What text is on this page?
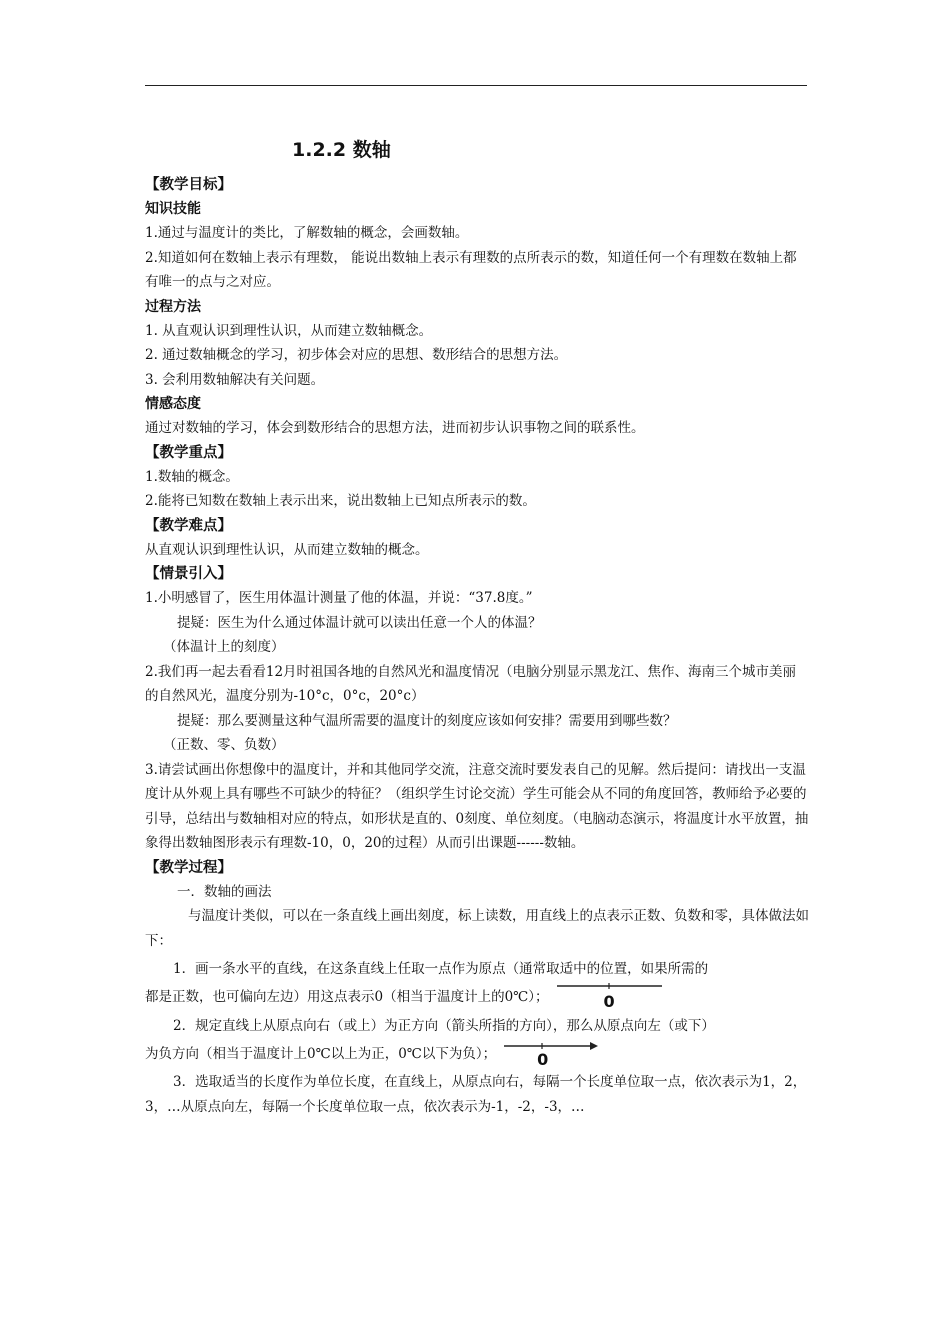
1.2.2 数轴
【教学目标】
知识技能

1.通过与温度计的类比，了解数轴的概念，会画数轴。

2.知道如何在数轴上表示有理数， 能说出数轴上表示有理数的点所表示的数，知道任何一个有理数在数轴上都有唯一的点与之对应。

过程方法

1. 从直观认识到理性认识，从而建立数轴概念。

2. 通过数轴概念的学习，初步体会对应的思想、数形结合的思想方法。

3. 会利用数轴解决有关问题。

情感态度

通过对数轴的学习，体会到数形结合的思想方法，进而初步认识事物之间的联系性。

【教学重点】

1.数轴的概念。

2.能将已知数在数轴上表示出来，说出数轴上已知点所表示的数。

【教学难点】

从直观认识到理性认识，从而建立数轴的概念。

【情景引入】

1.小明感冒了，医生用体温计测量了他的体温，并说：“37.8度。”

提疑：医生为什么通过体温计就可以读出任意一个人的体温？

（体温计上的刻度）

2.我们再一起去看看12月时祖国各地的自然风光和温度情况（电脑分别显示黑龙江、焦作、海南三个城市美丽的自然风光，温度分别为-10°c，0°c，20°c）

提疑：那么要测量这种气温所需要的温度计的刻度应该如何安排？需要用到哪些数？

（正数、零、负数）

3.请尝试画出你想像中的温度计，并和其他同学交流，注意交流时要发表自己的见解。然后提问：请找出一支温度计从外观上具有哪些不可缺少的特征？（组织学生讨论交流）学生可能会从不同的角度回答，教师给予必要的引导，总结出与数轴相对应的特点，如形状是直的、0刻度、单位刻度。（电脑动态演示，将温度计水平放置，抽象得出数轴图形表示有理数-10，0，20的过程）从而引出课题------数轴。

【教学过程】

一．数轴的画法

与温度计类似，可以在一条直线上画出刻度，标上读数，用直线上的点表示正数、负数和零，具体做法如下：

1．画一条水平的直线，在这条直线上任取一点作为原点（通常取适中的位置，如果所需的

都是正数，也可偏向左边）用这点表示0（相当于温度计上的0℃）；	0

2．规定直线上从原点向右（或上）为正方向（箭头所指的方向），那么从原点向左（或下）

为负方向（相当于温度计上0℃以上为正，0℃以下为负）；	0

3．选取适当的长度作为单位长度，在直线上，从原点向右，每隔一个长度单位取一点，依次表示为1，2，3，…从原点向左，每隔一个长度单位取一点，依次表示为-1，-2，-3，…
